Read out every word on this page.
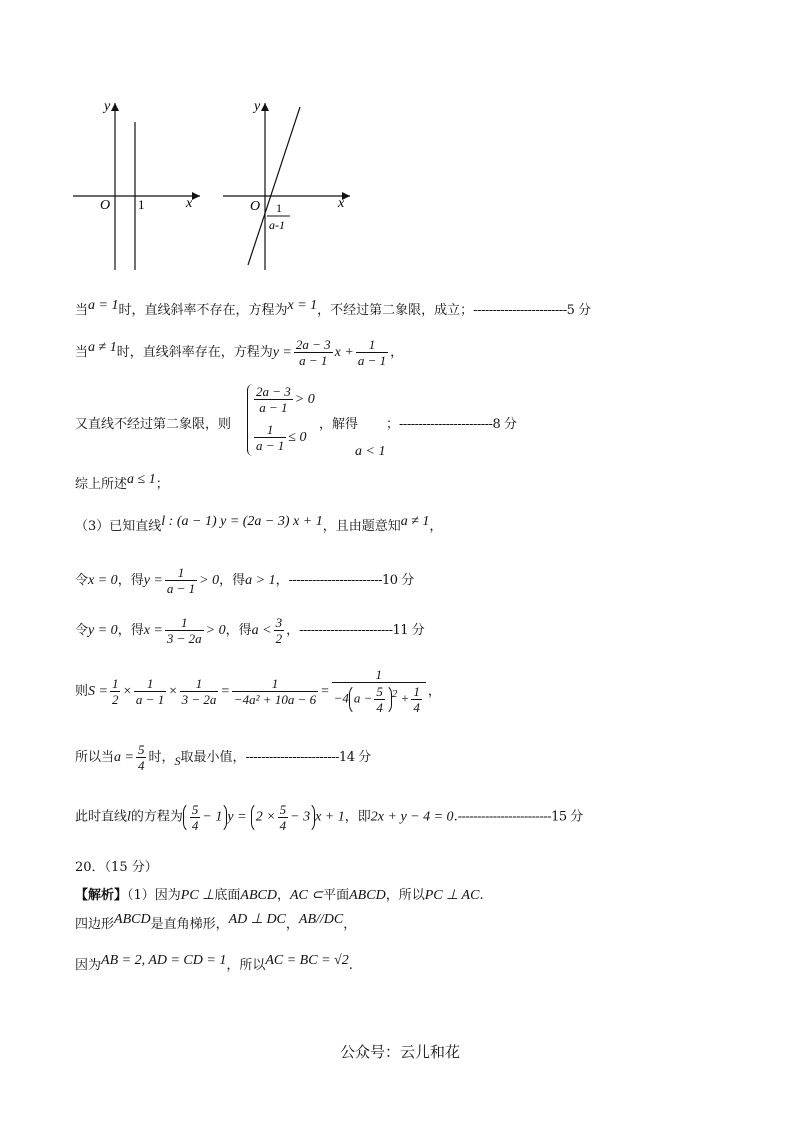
y
x
O 1
y
x
O 1
a-1
当a = 1时，直线斜率不存在，方程为x = 1，不经过第二象限，成立；------------------------5 分
当a ≠ 1时，直线斜率存在，方程为$y = \frac{2a - 3}{a - 1}$ $x + \frac{1}{a - 1}$ ，
又直线不经过第二象限，则
$\frac{2a - 3}{a - 1} > 0$
$\frac{1}{a - 1} \le 0$
，解得 ；------------------------8 分
a < 1
综上所述a ≤ 1；
（3）已知直线l : (a − 1) y = (2a − 3) x + 1，且由题意知a ≠ 1，
令x = 0，得$y = \frac{1}{a - 1} > 0$，得a > 1，------------------------10 分
令y = 0，得$x = \frac{1}{3 - 2a} > 0$，得$a < \frac{3}{2}$ ，------------------------11 分
则$S = \frac{1}{2} \times \frac{1}{a - 1} \times \frac{1}{3 - 2a} = \frac{1}{\text{−4a² + 10a − 6}} = \frac{1}{-4 a - \frac{5}{4} ^2 + \frac{1}{4}}$ ，
所以当$a = \frac{5}{4}$ 时，S取最小值，------------------------14 分
此时直线l的方程为 $\frac{5}{4} - 1$ $y = 2 \times \frac{5}{4} - 3$ x + 1，即2x + y − 4 = 0.------------------------15 分
20．（15 分）
【解析】（1）因为PC ⊥底面ABCD，AC ⊂平面ABCD，所以PC ⊥ AC.
四边形ABCD是直角梯形，AD ⊥ DC，AB//DC，
因为AB = 2, AD = CD = 1，所以AC = BC = √2.
公众号：云儿和花
